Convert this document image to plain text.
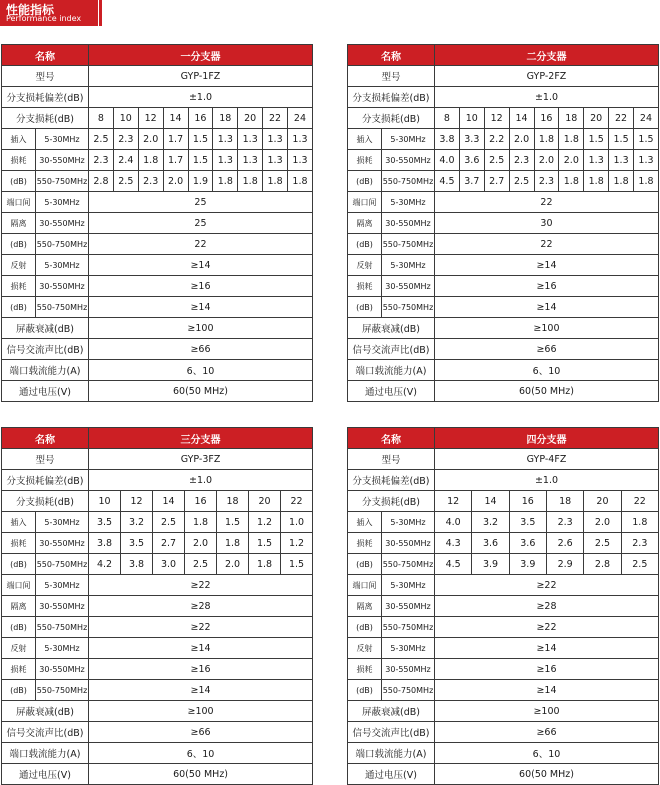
性能指标
Performance index
名称		一分支器								
型号		GYP-1FZ								
分支损耗偏差(dB)		±1.0								
分支损耗(dB)		8	10	12	14	16	18	20	22	24
插入	5-30MHz	2.5	2.3	2.0	1.7	1.5	1.3	1.3	1.3	1.3
损耗	30-550MHz	2.3	2.4	1.8	1.7	1.5	1.3	1.3	1.3	1.3
(dB)	550-750MHz	2.8	2.5	2.3	2.0	1.9	1.8	1.8	1.8	1.8
端口间	5-30MHz	25								
隔离	30-550MHz	25								
(dB)	550-750MHz	22								
反射	5-30MHz	≥14								
损耗	30-550MHz	≥16								
(dB)	550-750MHz	≥14								
屏蔽衰减(dB)		≥100								
信号交流声比(dB)		≥66								
端口载流能力(A)		6、10								
通过电压(V)		60(50 MHz)								
名称		二分支器								
型号		GYP-2FZ								
分支损耗偏差(dB)		±1.0								
分支损耗(dB)		8	10	12	14	16	18	20	22	24
插入	5-30MHz	3.8	3.3	2.2	2.0	1.8	1.8	1.5	1.5	1.5
损耗	30-550MHz	4.0	3.6	2.5	2.3	2.0	2.0	1.3	1.3	1.3
(dB)	550-750MHz	4.5	3.7	2.7	2.5	2.3	1.8	1.8	1.8	1.8
端口间	5-30MHz	22								
隔离	30-550MHz	30								
(dB)	550-750MHz	22								
反射	5-30MHz	≥14								
损耗	30-550MHz	≥16								
(dB)	550-750MHz	≥14								
屏蔽衰减(dB)		≥100								
信号交流声比(dB)		≥66								
端口载流能力(A)		6、10								
通过电压(V)		60(50 MHz)								
名称		三分支器						
型号		GYP-3FZ						
分支损耗偏差(dB)		±1.0						
分支损耗(dB)		10	12	14	16	18	20	22
插入	5-30MHz	3.5	3.2	2.5	1.8	1.5	1.2	1.0
损耗	30-550MHz	3.8	3.5	2.7	2.0	1.8	1.5	1.2
(dB)	550-750MHz	4.2	3.8	3.0	2.5	2.0	1.8	1.5
端口间	5-30MHz	≥22						
隔离	30-550MHz	≥28						
(dB)	550-750MHz	≥22						
反射	5-30MHz	≥14						
损耗	30-550MHz	≥16						
(dB)	550-750MHz	≥14						
屏蔽衰减(dB)		≥100						
信号交流声比(dB)		≥66						
端口载流能力(A)		6、10						
通过电压(V)		60(50 MHz)						
名称		四分支器					
型号		GYP-4FZ					
分支损耗偏差(dB)		±1.0					
分支损耗(dB)		12	14	16	18	20	22
插入	5-30MHz	4.0	3.2	3.5	2.3	2.0	1.8
损耗	30-550MHz	4.3	3.6	3.6	2.6	2.5	2.3
(dB)	550-750MHz	4.5	3.9	3.9	2.9	2.8	2.5
端口间	5-30MHz	≥22					
隔离	30-550MHz	≥28					
(dB)	550-750MHz	≥22					
反射	5-30MHz	≥14					
损耗	30-550MHz	≥16					
(dB)	550-750MHz	≥14					
屏蔽衰减(dB)		≥100					
信号交流声比(dB)		≥66					
端口载流能力(A)		6、10					
通过电压(V)		60(50 MHz)					
